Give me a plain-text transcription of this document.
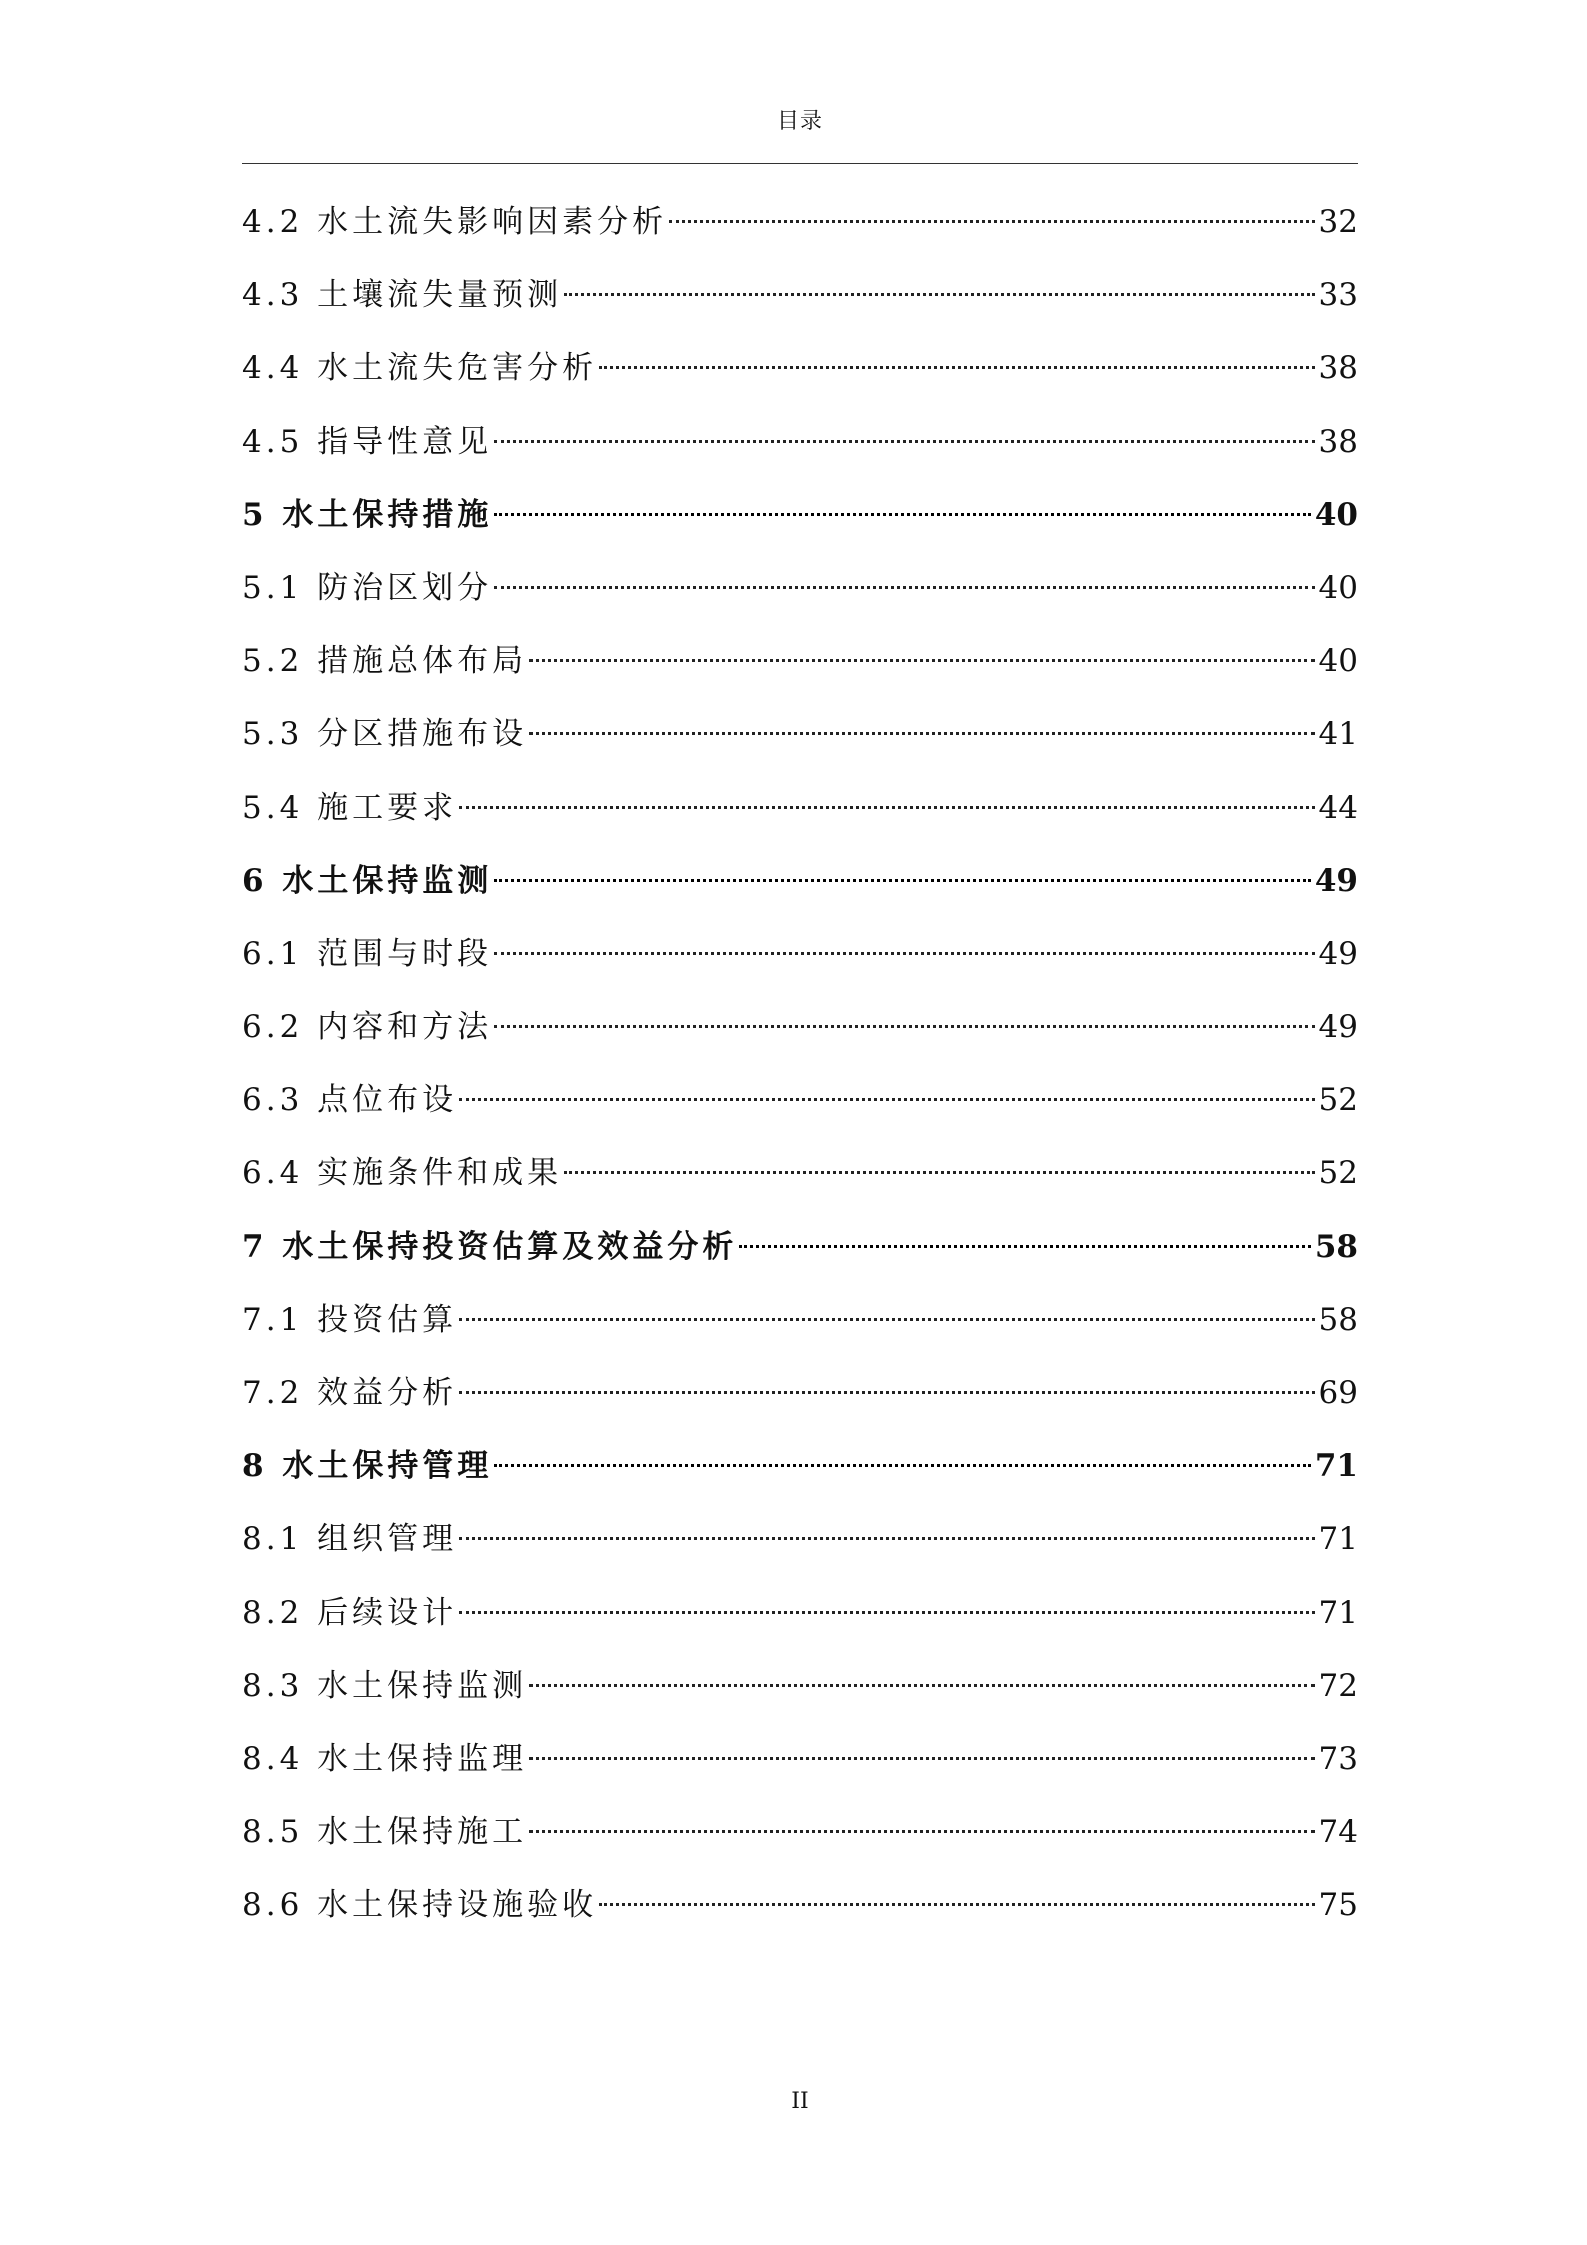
目录
4.2 水土流失影响因素分析	32
4.3 土壤流失量预测	33
4.4 水土流失危害分析	38
4.5 指导性意见	38
5 水土保持措施	40
5.1 防治区划分	40
5.2 措施总体布局	40
5.3 分区措施布设	41
5.4 施工要求	44
6 水土保持监测	49
6.1 范围与时段	49
6.2 内容和方法	49
6.3 点位布设	52
6.4 实施条件和成果	52
7 水土保持投资估算及效益分析	58
7.1 投资估算	58
7.2 效益分析	69
8 水土保持管理	71
8.1 组织管理	71
8.2 后续设计	71
8.3 水土保持监测	72
8.4 水土保持监理	73
8.5 水土保持施工	74
8.6 水土保持设施验收	75
II
